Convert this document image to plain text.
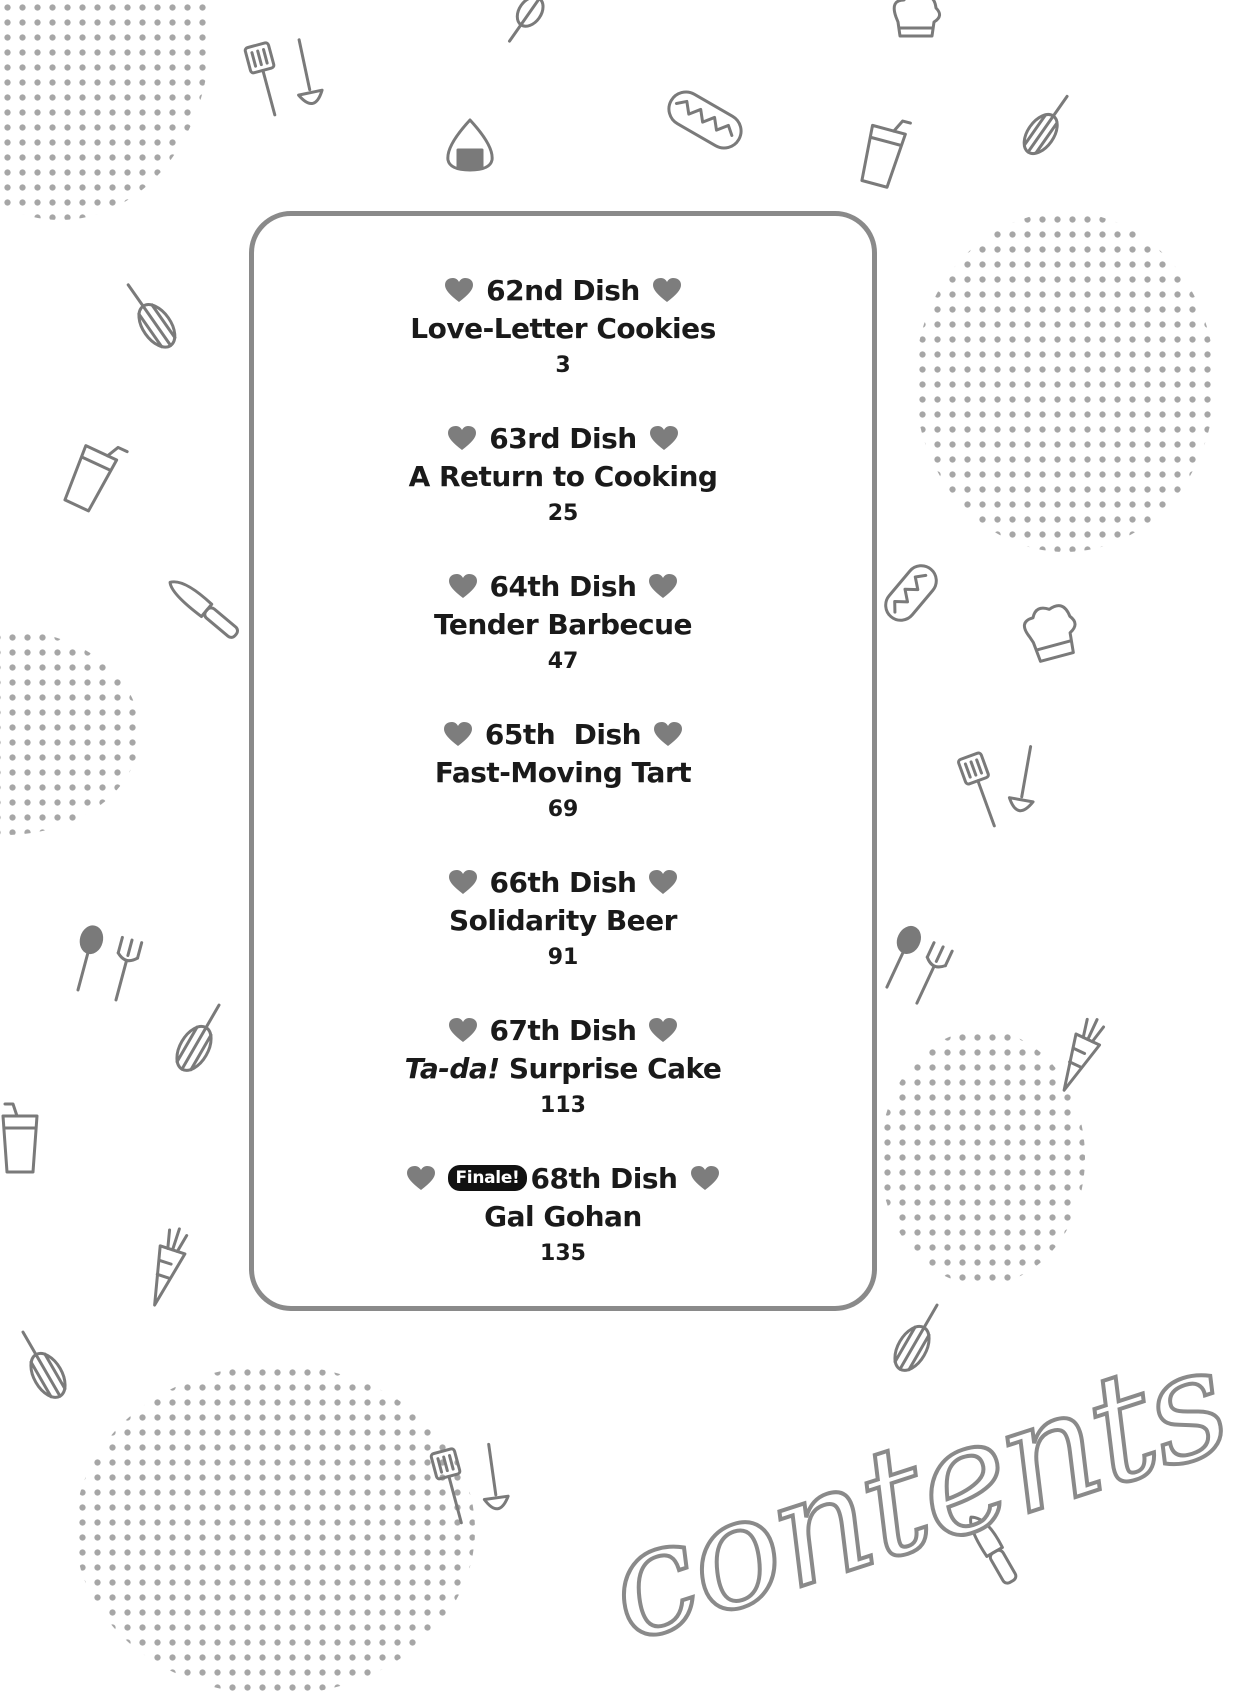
contents
62nd Dish
Love-Letter Cookies
3
63rd Dish
A Return to Cooking
25
64th Dish
Tender Barbecue
47
65th  Dish
Fast-Moving Tart
69
66th Dish
Solidarity Beer
91
67th Dish
Ta-da! Surprise Cake
113
Finale! 68th Dish
Gal Gohan
135
